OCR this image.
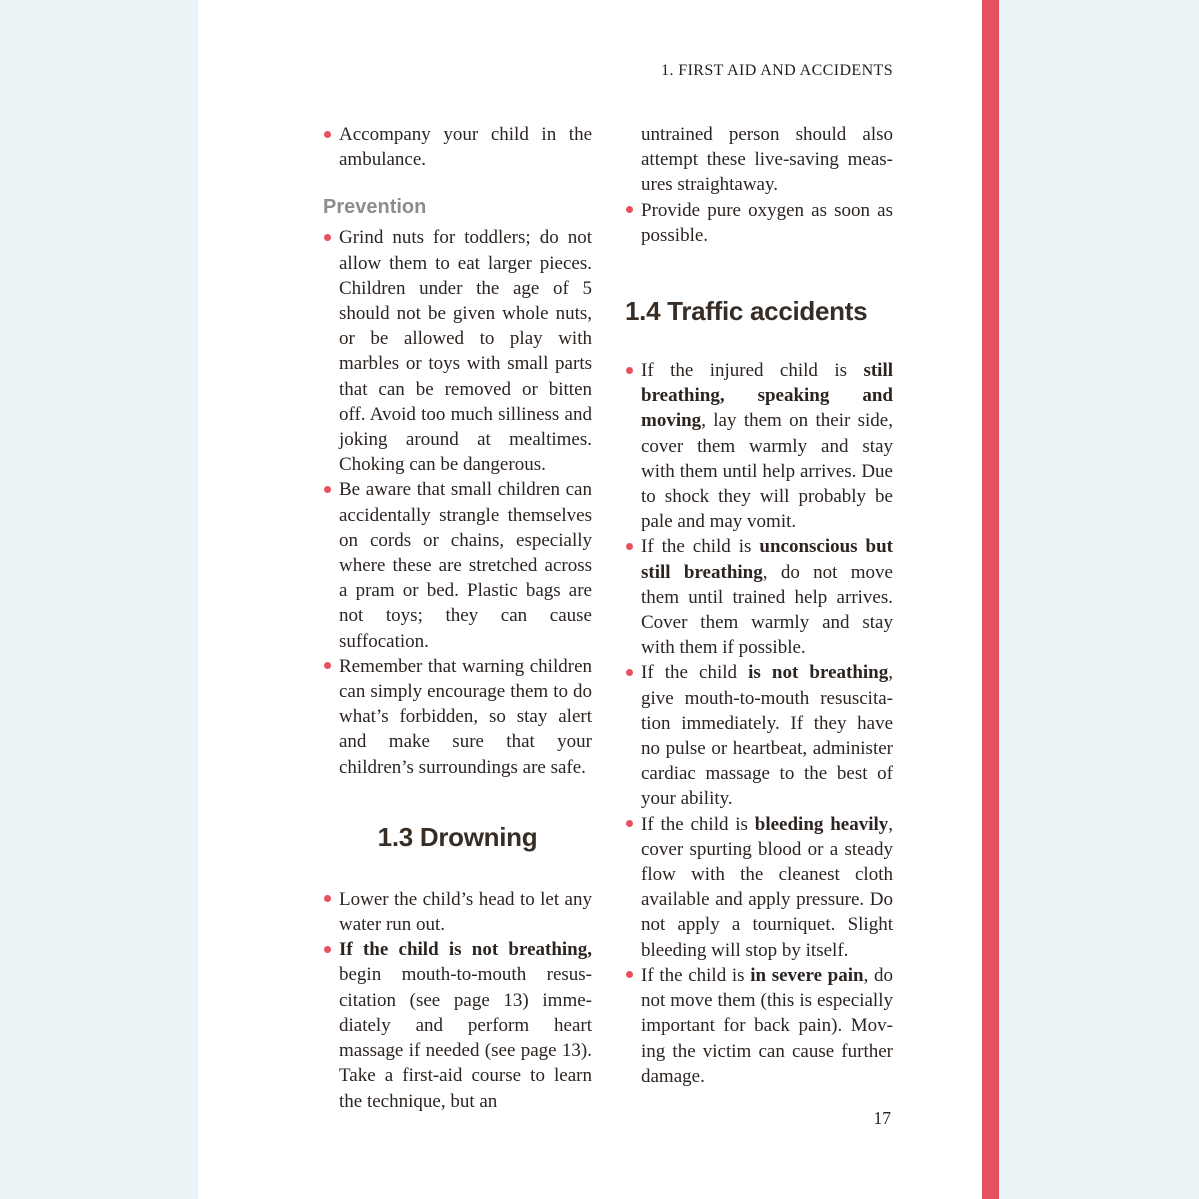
1. FIRST AID AND ACCIDENTS
Accompany your child in the ambulance.
Prevention
Grind nuts for toddlers; do not allow them to eat larger pieces. Children under the age of 5 should not be given whole nuts, or be allowed to play with marbles or toys with small parts that can be removed or bitten off. Avoid too much silliness and joking around at mealtimes. Choking can be dangerous.
Be aware that small children can accidentally strangle themselves on cords or chains, especially where these are stretched across a pram or bed. Plastic bags are not toys; they can cause suffocation.
Remember that warning children can simply encourage them to do what’s forbidden, so stay alert and make sure that your children’s surroundings are safe.
1.3 Drowning
Lower the child’s head to let any water run out.
If the child is not breathing, begin mouth-to-mouth resuscitation (see page 13) immediately and perform heart massage if needed (see page 13). Take a first-aid course to learn the technique, but an
untrained person should also attempt these live-saving measures straightaway.
Provide pure oxygen as soon as possible.
1.4 Traffic accidents
If the injured child is still breathing, speaking and moving, lay them on their side, cover them warmly and stay with them until help arrives. Due to shock they will probably be pale and may vomit.
If the child is unconscious but still breathing, do not move them until trained help arrives. Cover them warmly and stay with them if possible.
If the child is not breathing, give mouth-to-mouth resuscitation immediately. If they have no pulse or heartbeat, administer cardiac massage to the best of your ability.
If the child is bleeding heavily, cover spurting blood or a steady flow with the cleanest cloth available and apply pressure. Do not apply a tourniquet. Slight bleeding will stop by itself.
If the child is in severe pain, do not move them (this is especially important for back pain). Moving the victim can cause further damage.
17
